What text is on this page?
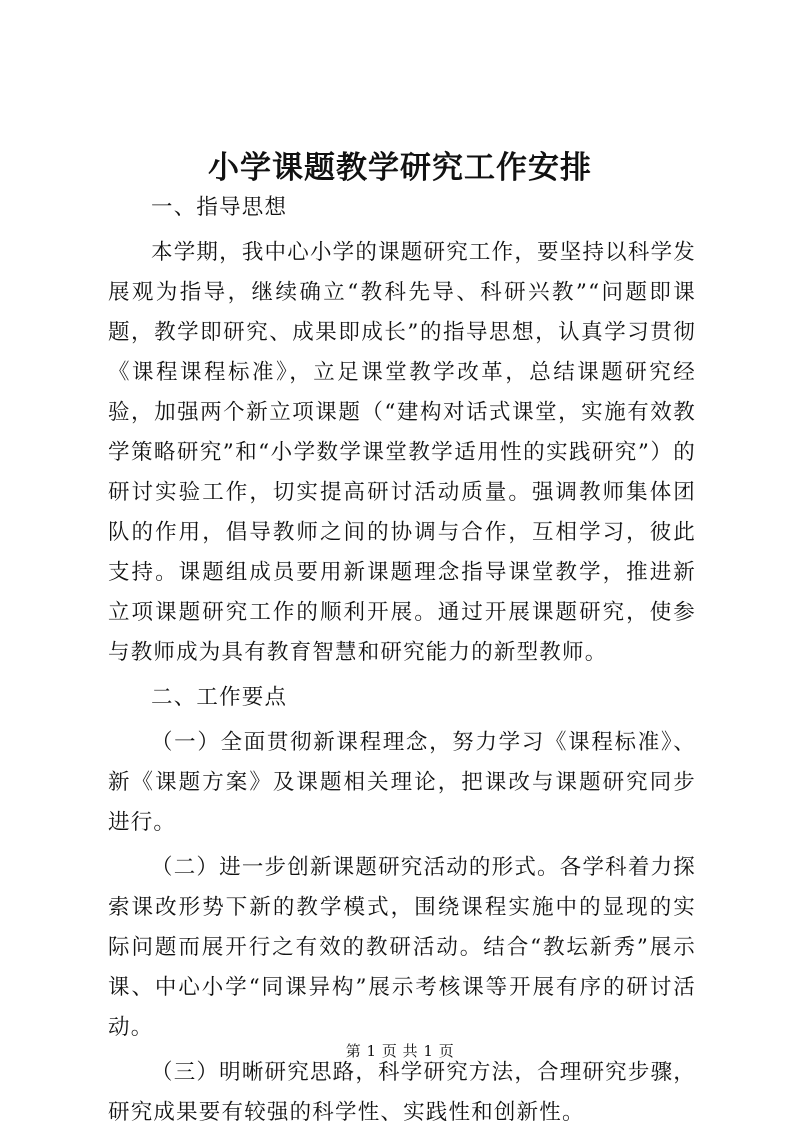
小学课题教学研究工作安排

一、指导思想

本学期，我中心小学的课题研究工作，要坚持以科学发展观为指导，继续确立“教科先导、科研兴教”“问题即课题，教学即研究、成果即成长”的指导思想，认真学习贯彻《课程课程标准》，立足课堂教学改革，总结课题研究经验，加强两个新立项课题（“建构对话式课堂，实施有效教学策略研究”和“小学数学课堂教学适用性的实践研究”）的研讨实验工作，切实提高研讨活动质量。强调教师集体团队的作用，倡导教师之间的协调与合作，互相学习，彼此支持。课题组成员要用新课题理念指导课堂教学，推进新立项课题研究工作的顺利开展。通过开展课题研究，使参与教师成为具有教育智慧和研究能力的新型教师。

二、工作要点

（一）全面贯彻新课程理念，努力学习《课程标准》、新《课题方案》及课题相关理论，把课改与课题研究同步进行。

（二）进一步创新课题研究活动的形式。各学科着力探索课改形势下新的教学模式，围绕课程实施中的显现的实际问题而展开行之有效的教研活动。结合“教坛新秀”展示课、中心小学“同课异构”展示考核课等开展有序的研讨活动。

（三）明晰研究思路，科学研究方法，合理研究步骤，研究成果要有较强的科学性、实践性和创新性。

第 1 页 共 1 页
